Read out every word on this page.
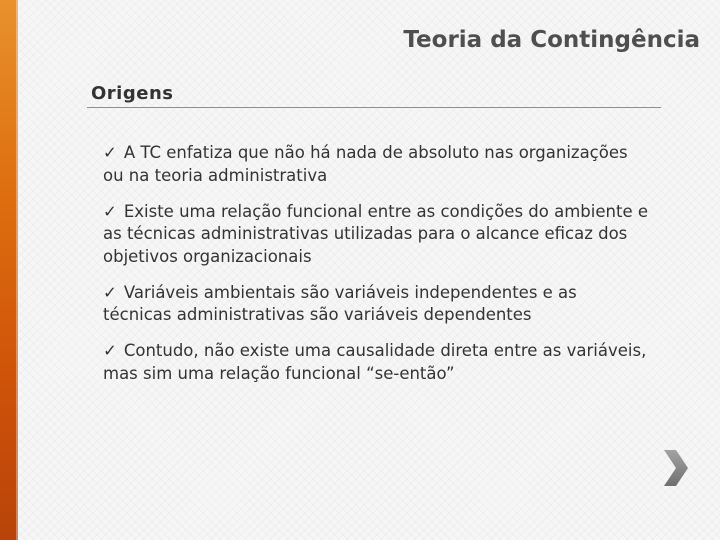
Teoria da Contingência
Origens
✓ A TC enfatiza que não há nada de absoluto nas organizações ou na teoria administrativa
✓ Existe uma relação funcional entre as condições do ambiente e as técnicas administrativas utilizadas para o alcance eficaz dos objetivos organizacionais
✓ Variáveis ambientais são variáveis independentes e as técnicas administrativas são variáveis dependentes
✓ Contudo, não existe uma causalidade direta entre as variáveis, mas sim uma relação funcional “se-então”
